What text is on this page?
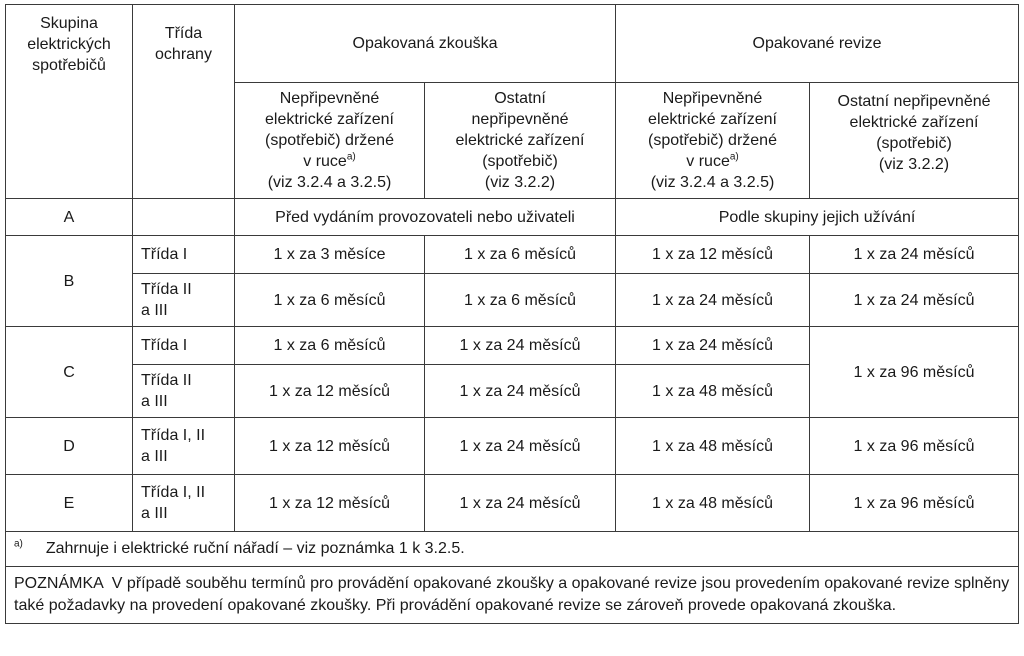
Skupina
elektrických
spotřebičů	Třída
ochrany	Opakovaná zkouška		Opakované revize	

		Nepřipevněné
elektrické zařízení
(spotřebič) držené
v ruce$^{a)}$
(viz 3.2.4 a 3.2.5)	Ostatní
nepřipevněné
elektrické zařízení
(spotřebič)
(viz 3.2.2)	Nepřipevněné
elektrické zařízení
(spotřebič) držené
v ruce$^{a)}$
(viz 3.2.4 a 3.2.5)	Ostatní nepřipevněné
elektrické zařízení
(spotřebič)
(viz 3.2.2)

A		Před vydáním provozovateli nebo uživateli		Podle skupiny jejich užívání	
B	Třída I	1 x za 3 měsíce	1 x za 6 měsíců	1 x za 12 měsíců	1 x za 24 měsíců

	Třída II
a III	1 x za 6 měsíců	1 x za 6 měsíců	1 x za 24 měsíců	1 x za 24 měsíců
C	Třída I	1 x za 6 měsíců	1 x za 24 měsíců	1 x za 24 měsíců	1 x za 96 měsíců

	Třída II
a III	1 x za 12 měsíců	1 x za 24 měsíců	1 x za 48 měsíců	
D	Třída I, II
a III	1 x za 12 měsíců	1 x za 24 měsíců	1 x za 48 měsíců	1 x za 96 měsíců
E	Třída I, II
a III	1 x za 12 měsíců	1 x za 24 měsíců	1 x za 48 měsíců	1 x za 96 měsíců
$^{a)}$ Zahrnuje i elektrické ruční nářadí – viz poznámka 1 k 3.2.5.					
POZNÁMKA  V případě souběhu termínů pro provádění opakované zkoušky a opakované revize jsou provedením opakované revize splněny také požadavky na provedení opakované zkoušky. Při provádění opakované revize se zároveň provede opakovaná zkouška.					
